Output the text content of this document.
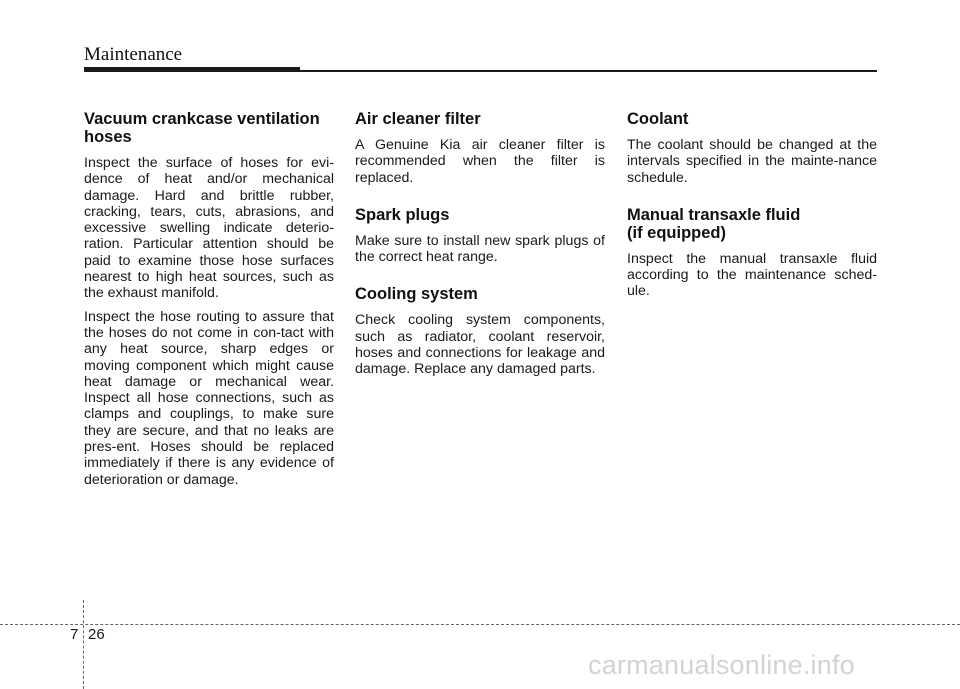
Maintenance
Vacuum crankcase ventilation
hoses

Inspect the surface of hoses for evi-dence of heat and/or mechanical damage. Hard and brittle rubber, cracking, tears, cuts, abrasions, and excessive swelling indicate deterio-ration. Particular attention should be paid to examine those hose surfaces nearest to high heat sources, such as the exhaust manifold.

Inspect the hose routing to assure that the hoses do not come in con-tact with any heat source, sharp edges or moving component which might cause heat damage or mechanical wear. Inspect all hose connections, such as clamps and couplings, to make sure they are secure, and that no leaks are pres-ent. Hoses should be replaced immediately if there is any evidence of deterioration or damage.

Air cleaner filter

A Genuine Kia air cleaner filter is recommended when the filter is replaced.

Spark plugs

Make sure to install new spark plugs of the correct heat range.

Cooling system

Check cooling system components, such as radiator, coolant reservoir, hoses and connections for leakage and damage. Replace any damaged parts.

Coolant

The coolant should be changed at the intervals specified in the mainte-nance schedule.

Manual transaxle fluid
(if equipped)

Inspect the manual transaxle fluid according to the maintenance sched-ule.

7 26
carmanualsonline.info
